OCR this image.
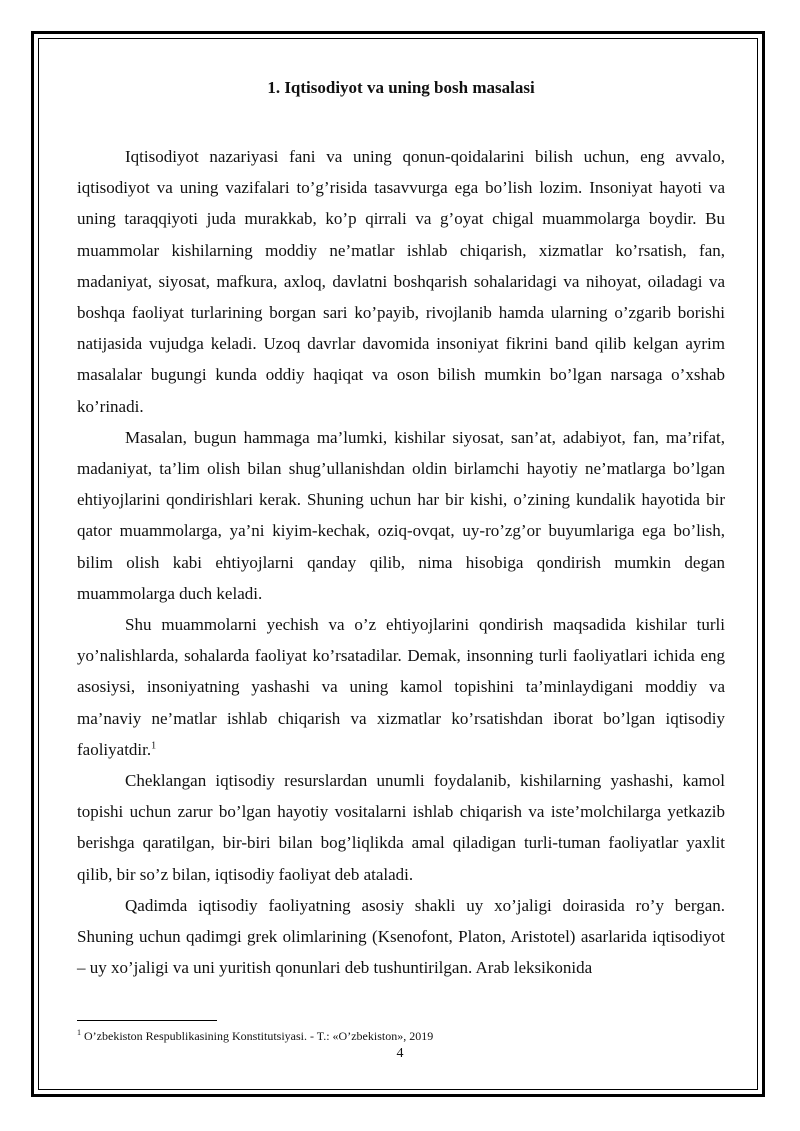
1. Iqtisodiyot va uning bosh masalasi

Iqtisodiyot nazariyasi fani va uning qonun-qoidalarini bilish uchun, eng avvalo, iqtisodiyot va uning vazifalari to’g’risida tasavvurga ega bo’lish lozim. Insoniyat hayoti va uning taraqqiyoti juda murakkab, ko’p qirrali va g’oyat chigal muammolarga boydir. Bu muammolar kishilarning moddiy ne’matlar ishlab chiqarish, xizmatlar ko’rsatish, fan, madaniyat, siyosat, mafkura, axloq, davlatni boshqarish sohalaridagi va nihoyat, oiladagi va boshqa faoliyat turlarining borgan sari ko’payib, rivojlanib hamda ularning o’zgarib borishi natijasida vujudga keladi. Uzoq davrlar davomida insoniyat fikrini band qilib kelgan ayrim masalalar bugungi kunda oddiy haqiqat va oson bilish mumkin bo’lgan narsaga o’xshab ko’rinadi.

Masalan, bugun hammaga ma’lumki, kishilar siyosat, san’at, adabiyot, fan, ma’rifat, madaniyat, ta’lim olish bilan shug’ullanishdan oldin birlamchi hayotiy ne’matlarga bo’lgan ehtiyojlarini qondirishlari kerak. Shuning uchun har bir kishi, o’zining kundalik hayotida bir qator muammolarga, ya’ni kiyim-kechak, oziq-ovqat, uy-ro’zg’or buyumlariga ega bo’lish, bilim olish kabi ehtiyojlarni qanday qilib, nima hisobiga qondirish mumkin degan muammolarga duch keladi.

Shu muammolarni yechish va o’z ehtiyojlarini qondirish maqsadida kishilar turli yo’nalishlarda, sohalarda faoliyat ko’rsatadilar. Demak, insonning turli faoliyatlari ichida eng asosiysi, insoniyatning yashashi va uning kamol topishini ta’minlaydigani moddiy va ma’naviy ne’matlar ishlab chiqarish va xizmatlar ko’rsatishdan iborat bo’lgan iqtisodiy faoliyatdir.$^1$

Cheklangan iqtisodiy resurslardan unumli foydalanib, kishilarning yashashi, kamol topishi uchun zarur bo’lgan hayotiy vositalarni ishlab chiqarish va iste’molchilarga yetkazib berishga qaratilgan, bir-biri bilan bog’liqlikda amal qiladigan turli-tuman faoliyatlar yaxlit qilib, bir so’z bilan, iqtisodiy faoliyat deb ataladi.

Qadimda iqtisodiy faoliyatning asosiy shakli uy xo’jaligi doirasida ro’y bergan. Shuning uchun qadimgi grek olimlarining (Ksenofont, Platon, Aristotel) asarlarida iqtisodiyot – uy xo’jaligi va uni yuritish qonunlari deb tushuntirilgan. Arab leksikonida

$^1$ O’zbekiston Respublikasining Konstitutsiyasi. - T.: «O’zbekiston», 2019
4
